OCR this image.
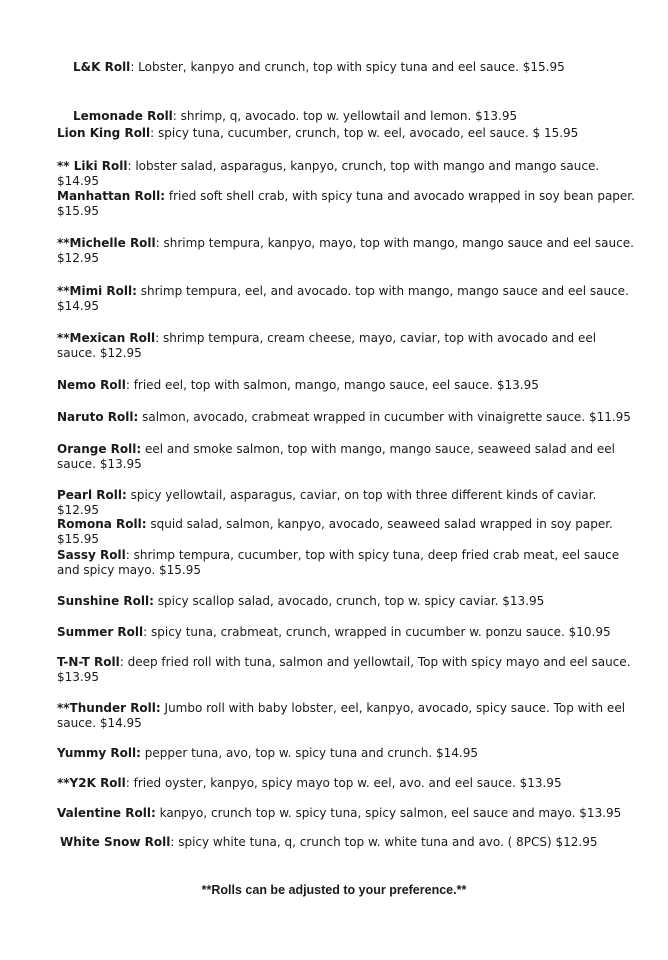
L&K Roll: Lobster, kanpyo and crunch, top with spicy tuna and eel sauce. $15.95

Lemonade Roll: shrimp, q, avocado. top w. yellowtail and lemon. $13.95

Lion King Roll: spicy tuna, cucumber, crunch, top w. eel, avocado, eel sauce. $ 15.95

** Liki Roll: lobster salad, asparagus, kanpyo, crunch, top with mango and mango sauce. $14.95

Manhattan Roll: fried soft shell crab, with spicy tuna and avocado wrapped in soy bean paper. $15.95

**Michelle Roll: shrimp tempura, kanpyo, mayo, top with mango, mango sauce and eel sauce. $12.95

**Mimi Roll: shrimp tempura, eel, and avocado. top with mango, mango sauce and eel sauce. $14.95

**Mexican Roll: shrimp tempura, cream cheese, mayo, caviar, top with avocado and eel sauce. $12.95

Nemo Roll: fried eel, top with salmon, mango, mango sauce, eel sauce. $13.95

Naruto Roll: salmon, avocado, crabmeat wrapped in cucumber with vinaigrette sauce. $11.95

Orange Roll: eel and smoke salmon, top with mango, mango sauce, seaweed salad and eel sauce. $13.95

Pearl Roll: spicy yellowtail, asparagus, caviar, on top with three different kinds of caviar. $12.95

Romona Roll: squid salad, salmon, kanpyo, avocado, seaweed salad wrapped in soy paper. $15.95

Sassy Roll: shrimp tempura, cucumber, top with spicy tuna, deep fried crab meat, eel sauce and spicy mayo. $15.95

Sunshine Roll: spicy scallop salad, avocado, crunch, top w. spicy caviar. $13.95

Summer Roll: spicy tuna, crabmeat, crunch, wrapped in cucumber w. ponzu sauce. $10.95

T-N-T Roll: deep fried roll with tuna, salmon and yellowtail, Top with spicy mayo and eel sauce. $13.95

**Thunder Roll: Jumbo roll with baby lobster, eel, kanpyo, avocado, spicy sauce. Top with eel sauce. $14.95

Yummy Roll: pepper tuna, avo, top w. spicy tuna and crunch. $14.95

**Y2K Roll: fried oyster, kanpyo, spicy mayo top w. eel, avo. and eel sauce. $13.95

Valentine Roll: kanpyo, crunch top w. spicy tuna, spicy salmon, eel sauce and mayo. $13.95

White Snow Roll: spicy white tuna, q, crunch top w. white tuna and avo. ( 8PCS) $12.95

**Rolls can be adjusted to your preference.**
